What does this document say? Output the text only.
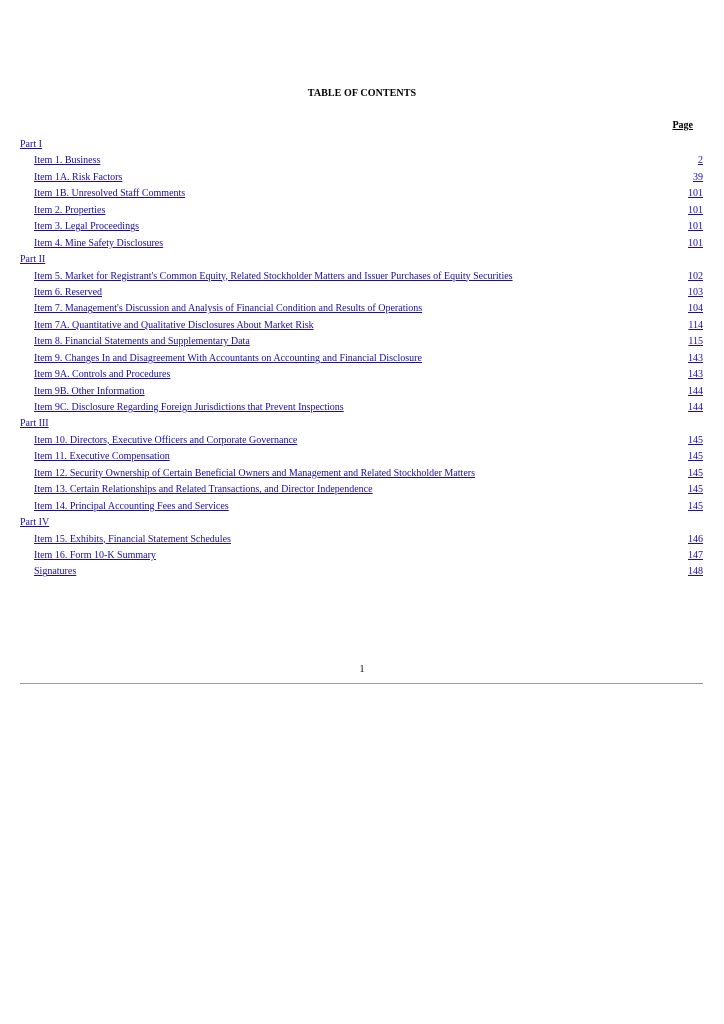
TABLE OF CONTENTS
Page
Part I
Item 1. Business	2
Item 1A. Risk Factors	39
Item 1B. Unresolved Staff Comments	101
Item 2. Properties	101
Item 3. Legal Proceedings	101
Item 4. Mine Safety Disclosures	101
Part II
Item 5. Market for Registrant's Common Equity, Related Stockholder Matters and Issuer Purchases of Equity Securities	102
Item 6. Reserved	103
Item 7. Management's Discussion and Analysis of Financial Condition and Results of Operations	104
Item 7A. Quantitative and Qualitative Disclosures About Market Risk	114
Item 8. Financial Statements and Supplementary Data	115
Item 9. Changes In and Disagreement With Accountants on Accounting and Financial Disclosure	143
Item 9A. Controls and Procedures	143
Item 9B. Other Information	144
Item 9C. Disclosure Regarding Foreign Jurisdictions that Prevent Inspections	144
Part III
Item 10. Directors, Executive Officers and Corporate Governance	145
Item 11. Executive Compensation	145
Item 12. Security Ownership of Certain Beneficial Owners and Management and Related Stockholder Matters	145
Item 13. Certain Relationships and Related Transactions, and Director Independence	145
Item 14. Principal Accounting Fees and Services	145
Part IV
Item 15. Exhibits, Financial Statement Schedules	146
Item 16. Form 10-K Summary	147
Signatures	148
1
